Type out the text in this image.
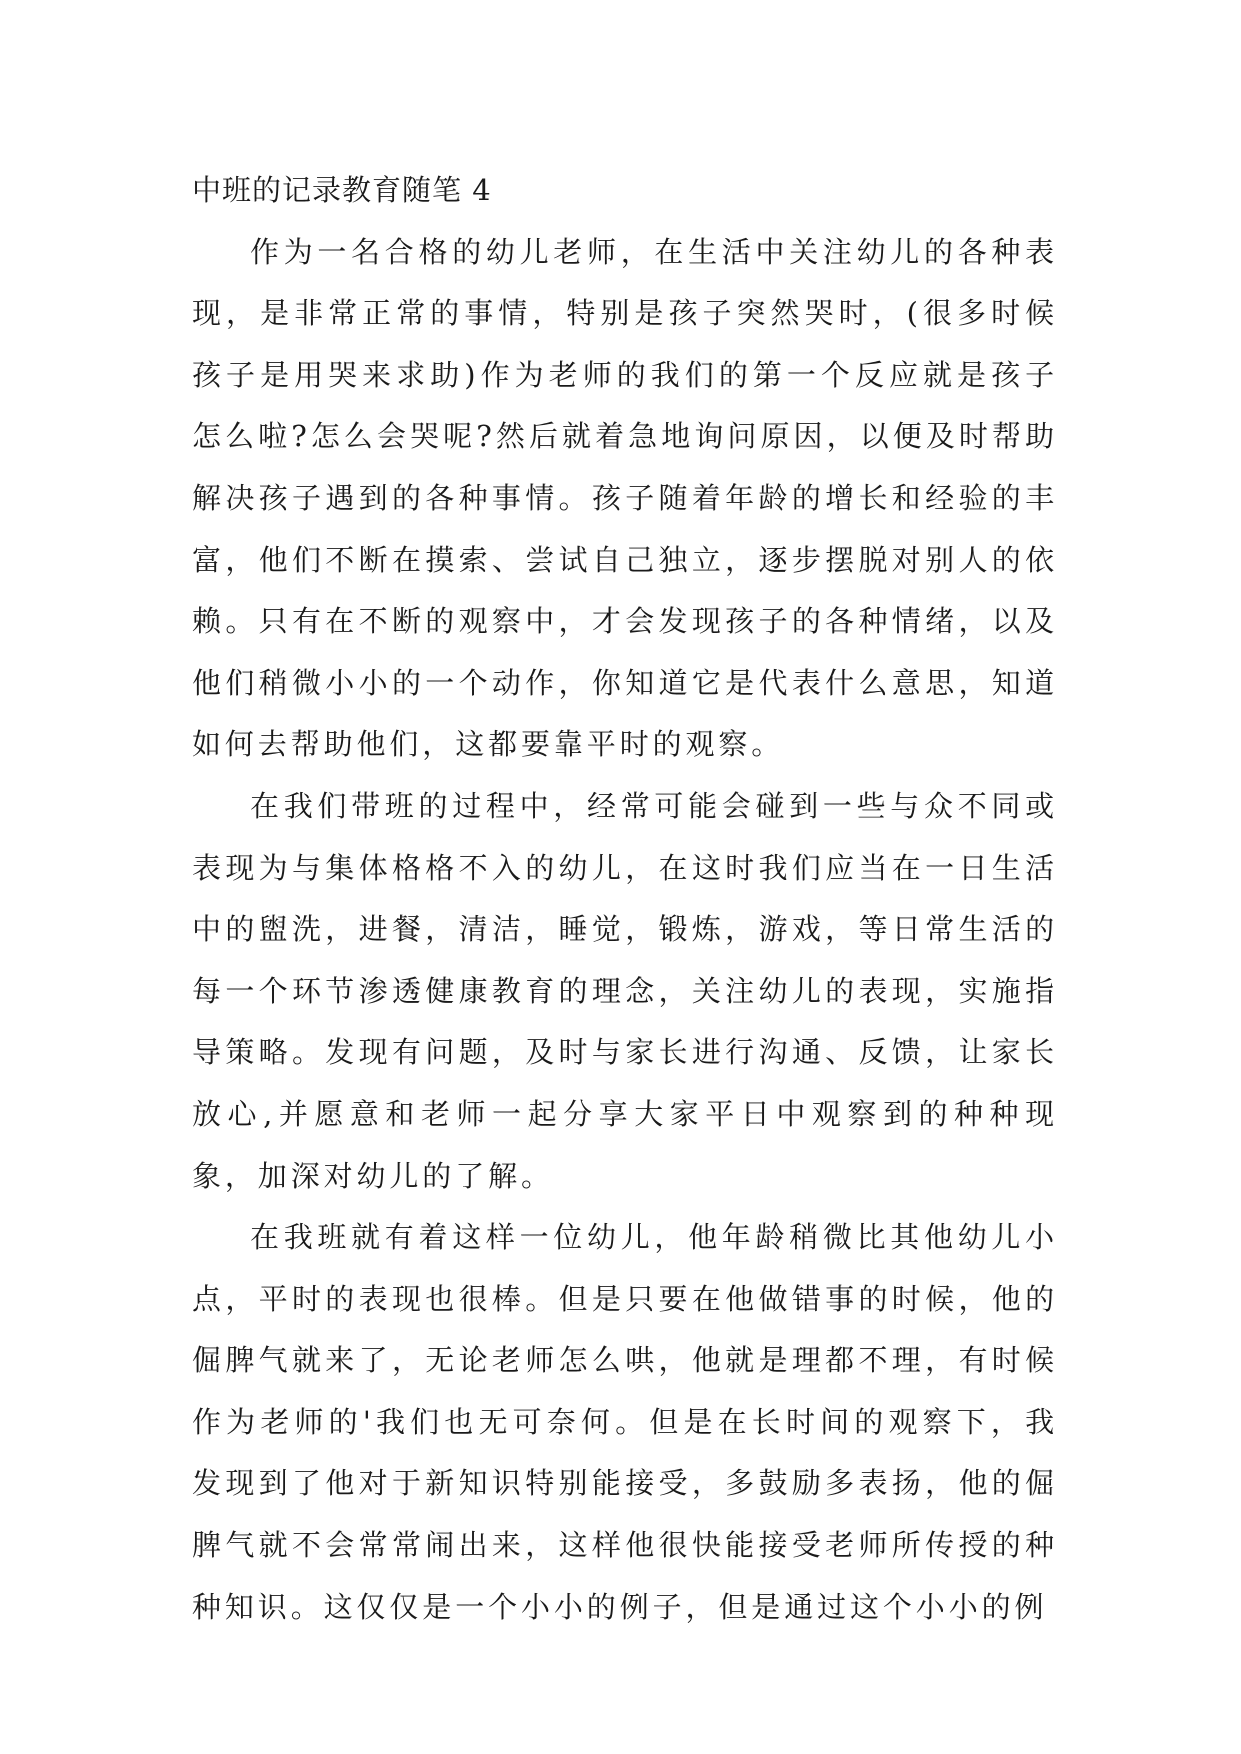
中班的记录教育随笔 4

作为一名合格的幼儿老师，在生活中关注幼儿的各种表现，是非常正常的事情，特别是孩子突然哭时，(很多时候孩子是用哭来求助)作为老师的我们的第一个反应就是孩子怎么啦?怎么会哭呢?然后就着急地询问原因，以便及时帮助解决孩子遇到的各种事情。孩子随着年龄的增长和经验的丰富，他们不断在摸索、尝试自己独立，逐步摆脱对别人的依赖。只有在不断的观察中，才会发现孩子的各种情绪，以及他们稍微小小的一个动作，你知道它是代表什么意思，知道如何去帮助他们，这都要靠平时的观察。

在我们带班的过程中，经常可能会碰到一些与众不同或表现为与集体格格不入的幼儿，在这时我们应当在一日生活中的盥洗，进餐，清洁，睡觉，锻炼，游戏，等日常生活的每一个环节渗透健康教育的理念，关注幼儿的表现，实施指导策略。发现有问题，及时与家长进行沟通、反馈，让家长放心,并愿意和老师一起分享大家平日中观察到的种种现象，加深对幼儿的了解。

在我班就有着这样一位幼儿，他年龄稍微比其他幼儿小点，平时的表现也很棒。但是只要在他做错事的时候，他的倔脾气就来了，无论老师怎么哄，他就是理都不理，有时候作为老师的'我们也无可奈何。但是在长时间的观察下，我发现到了他对于新知识特别能接受，多鼓励多表扬，他的倔脾气就不会常常闹出来，这样他很快能接受老师所传授的种种知识。这仅仅是一个小小的例子，但是通过这个小小的例
